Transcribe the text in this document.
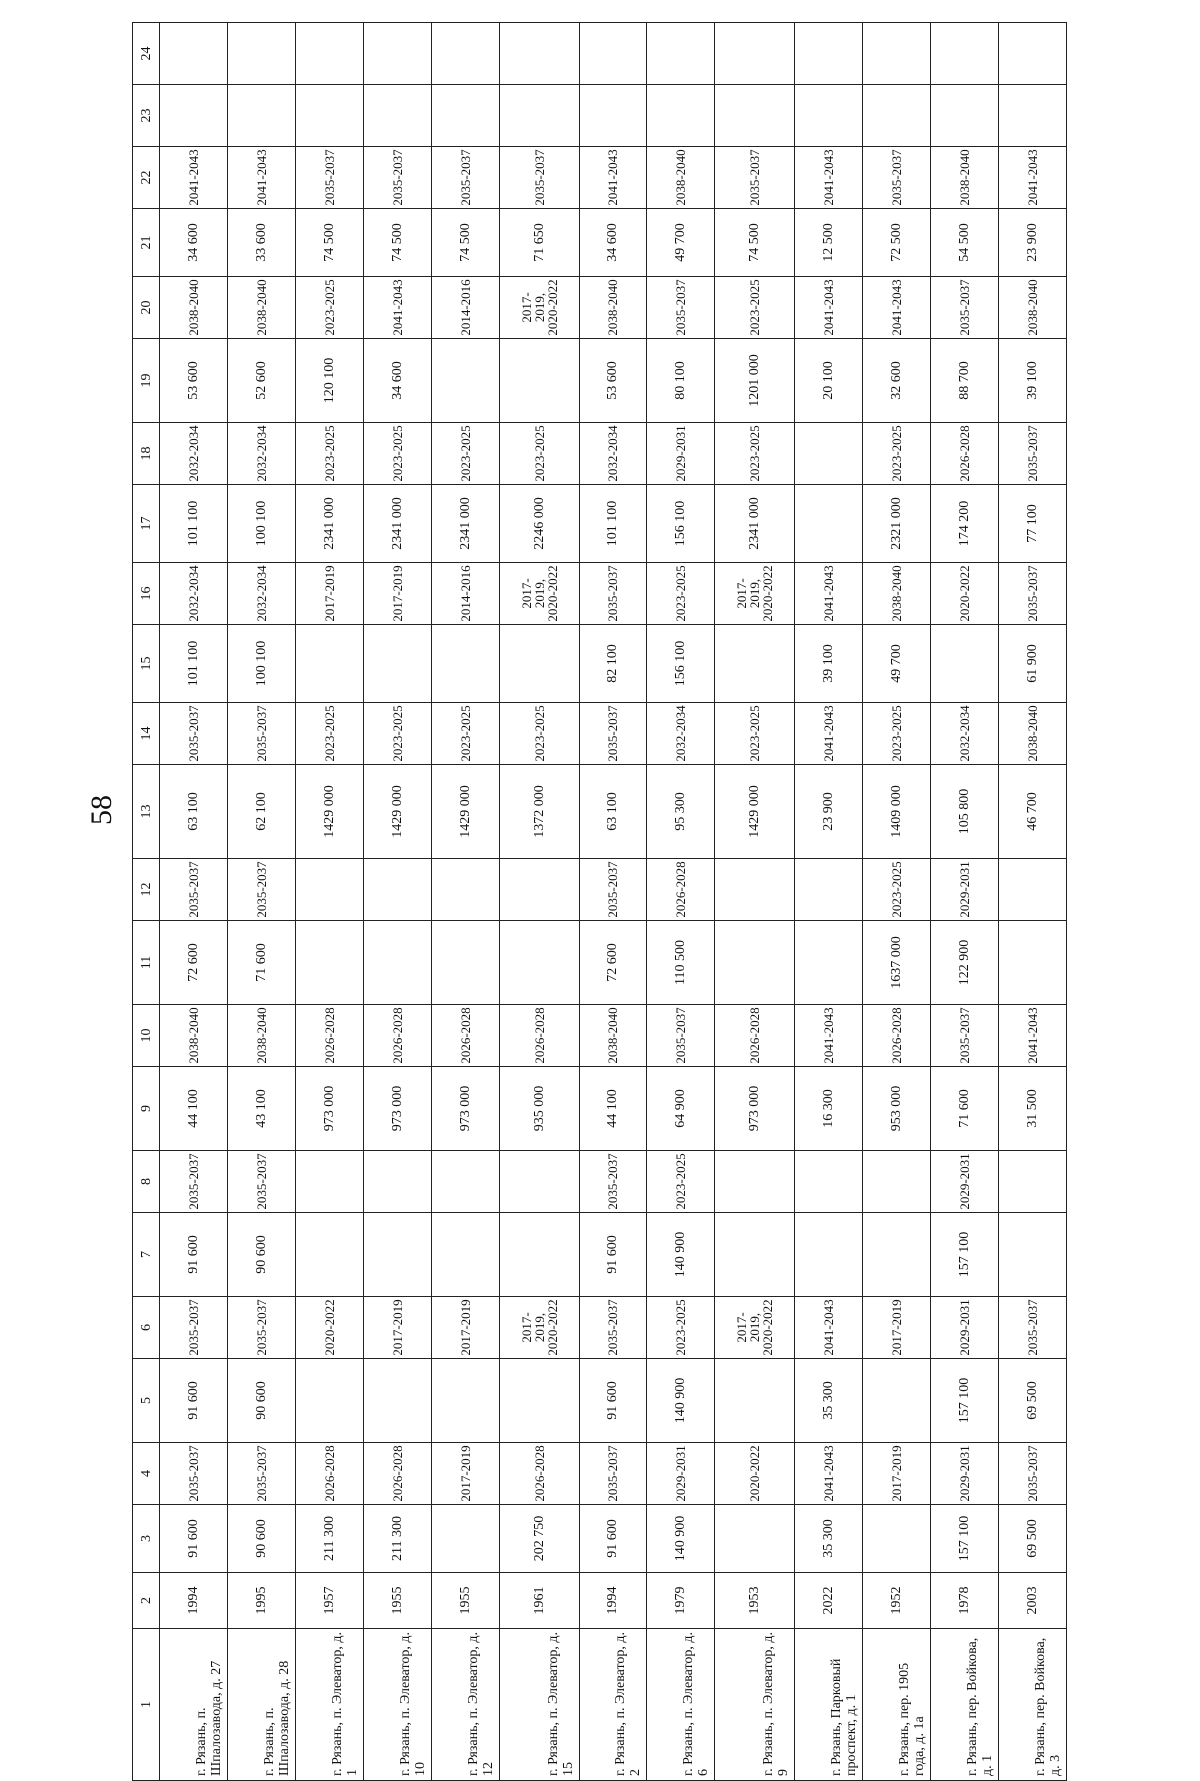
58
1	2	3	4	5	6	7	8	9	10	11	12	13	14	15	16	17	18	19	20	21	22	23	24
г. Рязань, п. Шпалозавода, д. 27	1994	91 600	2035-2037	91 600	2035-2037	91 600	2035-2037	44 100	2038-2040	72 600	2035-2037	63 100	2035-2037	101 100	2032-2034	101 100	2032-2034	53 600	2038-2040	34 600	2041-2043		
г. Рязань, п. Шпалозавода, д. 28	1995	90 600	2035-2037	90 600	2035-2037	90 600	2035-2037	43 100	2038-2040	71 600	2035-2037	62 100	2035-2037	100 100	2032-2034	100 100	2032-2034	52 600	2038-2040	33 600	2041-2043		
г. Рязань, п. Элеватор, д. 1	1957	211 300	2026-2028		2020-2022			973 000	2026-2028			1429 000	2023-2025		2017-2019	2341 000	2023-2025	120 100	2023-2025	74 500	2035-2037		
г. Рязань, п. Элеватор, д. 10	1955	211 300	2026-2028		2017-2019			973 000	2026-2028			1429 000	2023-2025		2017-2019	2341 000	2023-2025	34 600	2041-2043	74 500	2035-2037		
г. Рязань, п. Элеватор, д. 12	1955		2017-2019		2017-2019			973 000	2026-2028			1429 000	2023-2025		2014-2016	2341 000	2023-2025		2014-2016	74 500	2035-2037		
г. Рязань, п. Элеватор, д. 15	1961	202 750	2026-2028		2017-2019, 2020-2022			935 000	2026-2028			1372 000	2023-2025		2017-2019, 2020-2022	2246 000	2023-2025		2017-2019, 2020-2022	71 650	2035-2037		
г. Рязань, п. Элеватор, д. 2	1994	91 600	2035-2037	91 600	2035-2037	91 600	2035-2037	44 100	2038-2040	72 600	2035-2037	63 100	2035-2037	82 100	2035-2037	101 100	2032-2034	53 600	2038-2040	34 600	2041-2043		
г. Рязань, п. Элеватор, д. 6	1979	140 900	2029-2031	140 900	2023-2025	140 900	2023-2025	64 900	2035-2037	110 500	2026-2028	95 300	2032-2034	156 100	2023-2025	156 100	2029-2031	80 100	2035-2037	49 700	2038-2040		
г. Рязань, п. Элеватор, д. 9	1953		2020-2022		2017-2019, 2020-2022			973 000	2026-2028			1429 000	2023-2025		2017-2019, 2020-2022	2341 000	2023-2025	1201 000	2023-2025	74 500	2035-2037		
г. Рязань, Парковый проспект, д. 1	2022	35 300	2041-2043	35 300	2041-2043			16 300	2041-2043			23 900	2041-2043	39 100	2041-2043			20 100	2041-2043	12 500	2041-2043		
г. Рязань, пер. 1905 года, д. 1а	1952		2017-2019		2017-2019			953 000	2026-2028	1637 000	2023-2025	1409 000	2023-2025	49 700	2038-2040	2321 000	2023-2025	32 600	2041-2043	72 500	2035-2037		
г. Рязань, пер. Войкова, д. 1	1978	157 100	2029-2031	157 100	2029-2031	157 100	2029-2031	71 600	2035-2037	122 900	2029-2031	105 800	2032-2034		2020-2022	174 200	2026-2028	88 700	2035-2037	54 500	2038-2040		
г. Рязань, пер. Войкова, д. 3	2003	69 500	2035-2037	69 500	2035-2037			31 500	2041-2043			46 700	2038-2040	61 900	2035-2037	77 100	2035-2037	39 100	2038-2040	23 900	2041-2043		
